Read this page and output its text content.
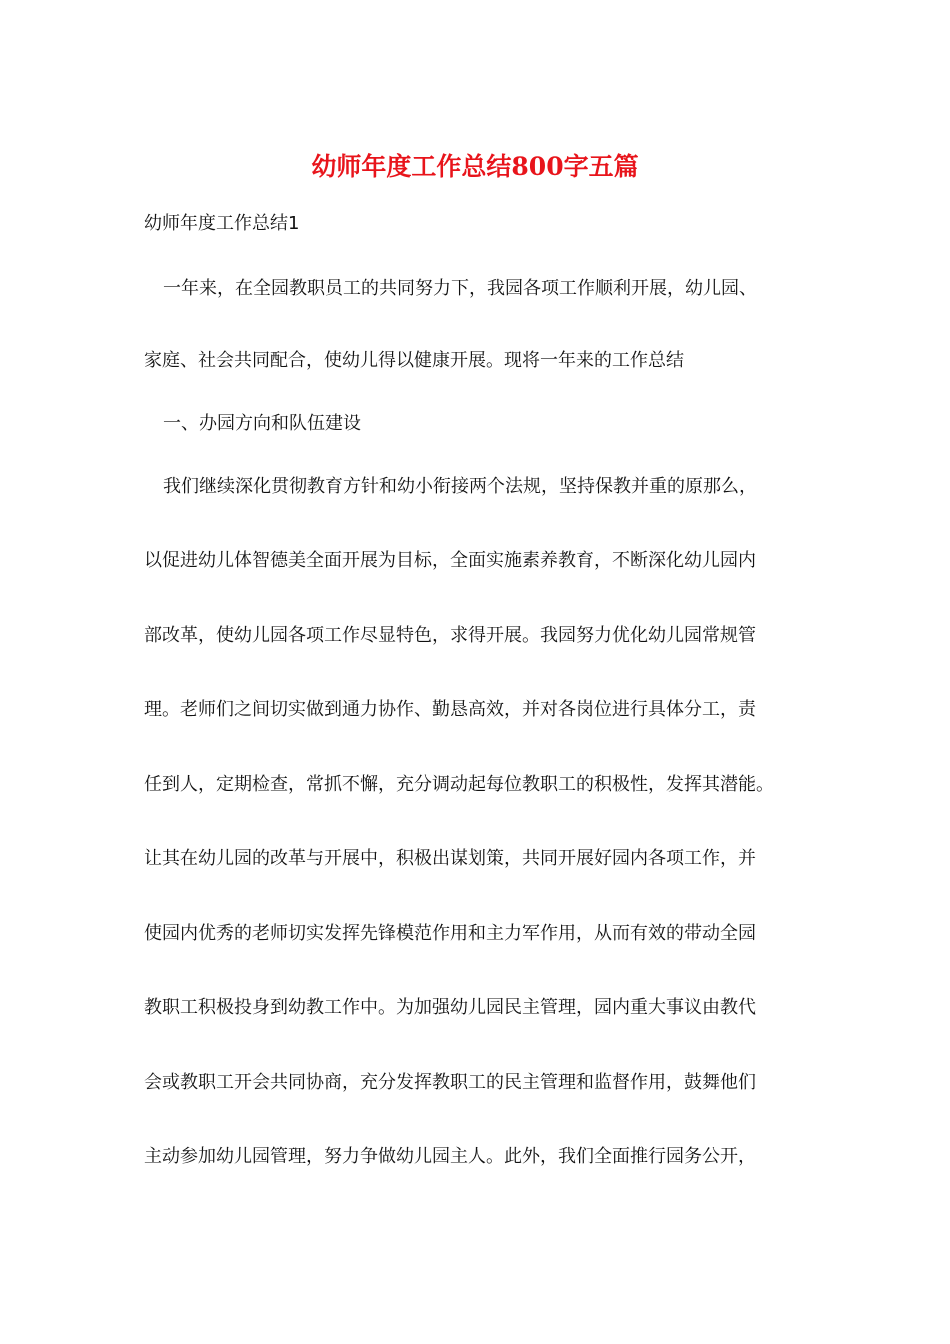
幼师年度工作总结800字五篇
幼师年度工作总结1
一年来，在全园教职员工的共同努力下，我园各项工作顺利开展，幼儿园、
家庭、社会共同配合，使幼儿得以健康开展。现将一年来的工作总结
一、办园方向和队伍建设
我们继续深化贯彻教育方针和幼小衔接两个法规，坚持保教并重的原那么，
以促进幼儿体智德美全面开展为目标，全面实施素养教育，不断深化幼儿园内
部改革，使幼儿园各项工作尽显特色，求得开展。我园努力优化幼儿园常规管
理。老师们之间切实做到通力协作、勤恳高效，并对各岗位进行具体分工，责
任到人，定期检查，常抓不懈，充分调动起每位教职工的积极性，发挥其潜能。
让其在幼儿园的改革与开展中，积极出谋划策，共同开展好园内各项工作，并
使园内优秀的老师切实发挥先锋模范作用和主力军作用，从而有效的带动全园
教职工积极投身到幼教工作中。为加强幼儿园民主管理，园内重大事议由教代
会或教职工开会共同协商，充分发挥教职工的民主管理和监督作用，鼓舞他们
主动参加幼儿园管理，努力争做幼儿园主人。此外，我们全面推行园务公开，
